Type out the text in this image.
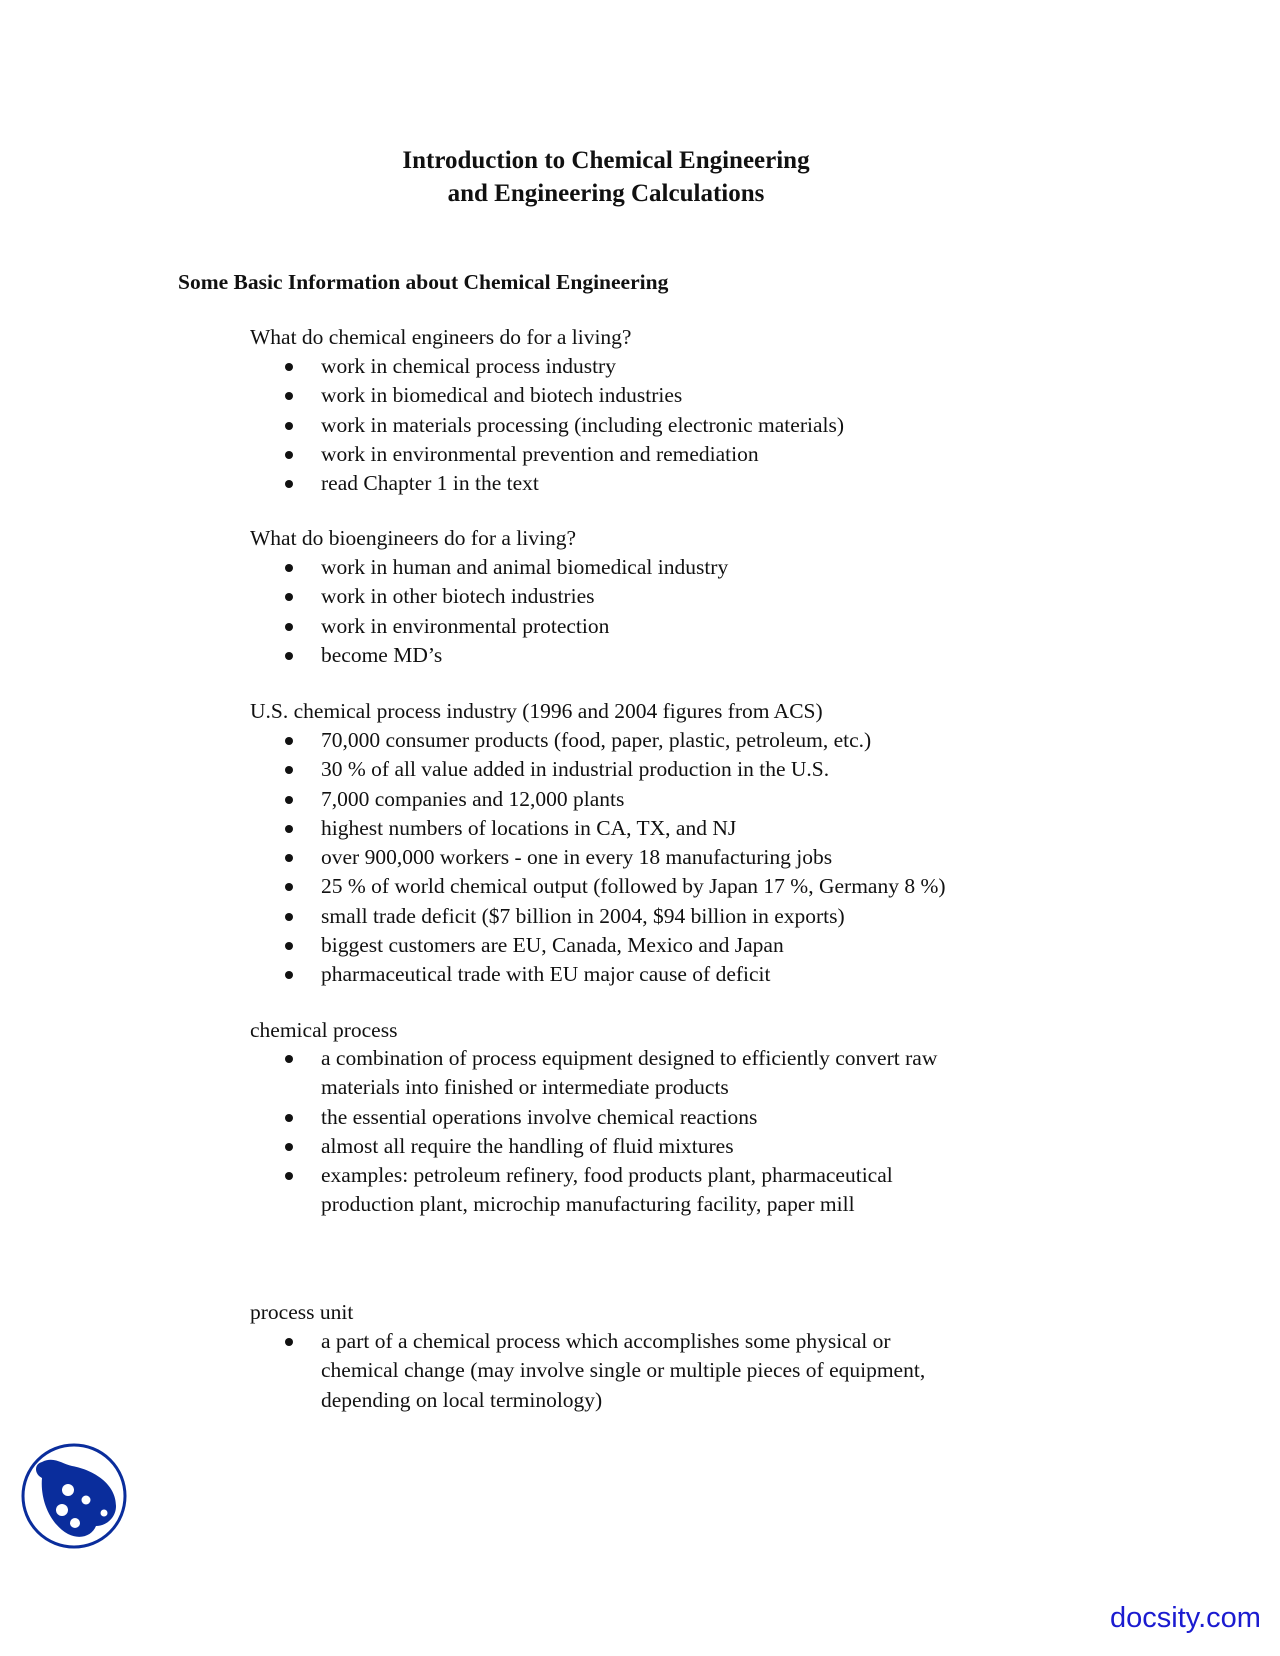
Introduction to Chemical Engineering
and Engineering Calculations
Some Basic Information about Chemical Engineering
What do chemical engineers do for a living?
work in chemical process industry
work in biomedical and biotech industries
work in materials processing (including electronic materials)
work in environmental prevention and remediation
read Chapter 1 in the text
What do bioengineers do for a living?
work in human and animal biomedical industry
work in other biotech industries
work in environmental protection
become MD’s
U.S. chemical process industry (1996 and 2004 figures from ACS)
70,000 consumer products (food, paper, plastic, petroleum, etc.)
30 % of all value added in industrial production in the U.S.
7,000 companies and 12,000 plants
highest numbers of locations in CA, TX, and NJ
over 900,000 workers - one in every 18 manufacturing jobs
25 % of world chemical output (followed by Japan 17 %, Germany 8 %)
small trade deficit ($7 billion in 2004, $94 billion in exports)
biggest customers are EU, Canada, Mexico and Japan
pharmaceutical trade with EU major cause of deficit
chemical process
a combination of process equipment designed to efficiently convert raw materials into finished or intermediate products
the essential operations involve chemical reactions
almost all require the handling of fluid mixtures
examples: petroleum refinery, food products plant, pharmaceutical production plant, microchip manufacturing facility, paper mill
process unit
a part of a chemical process which accomplishes some physical or chemical change (may involve single or multiple pieces of equipment, depending on local terminology)
docsity.com
